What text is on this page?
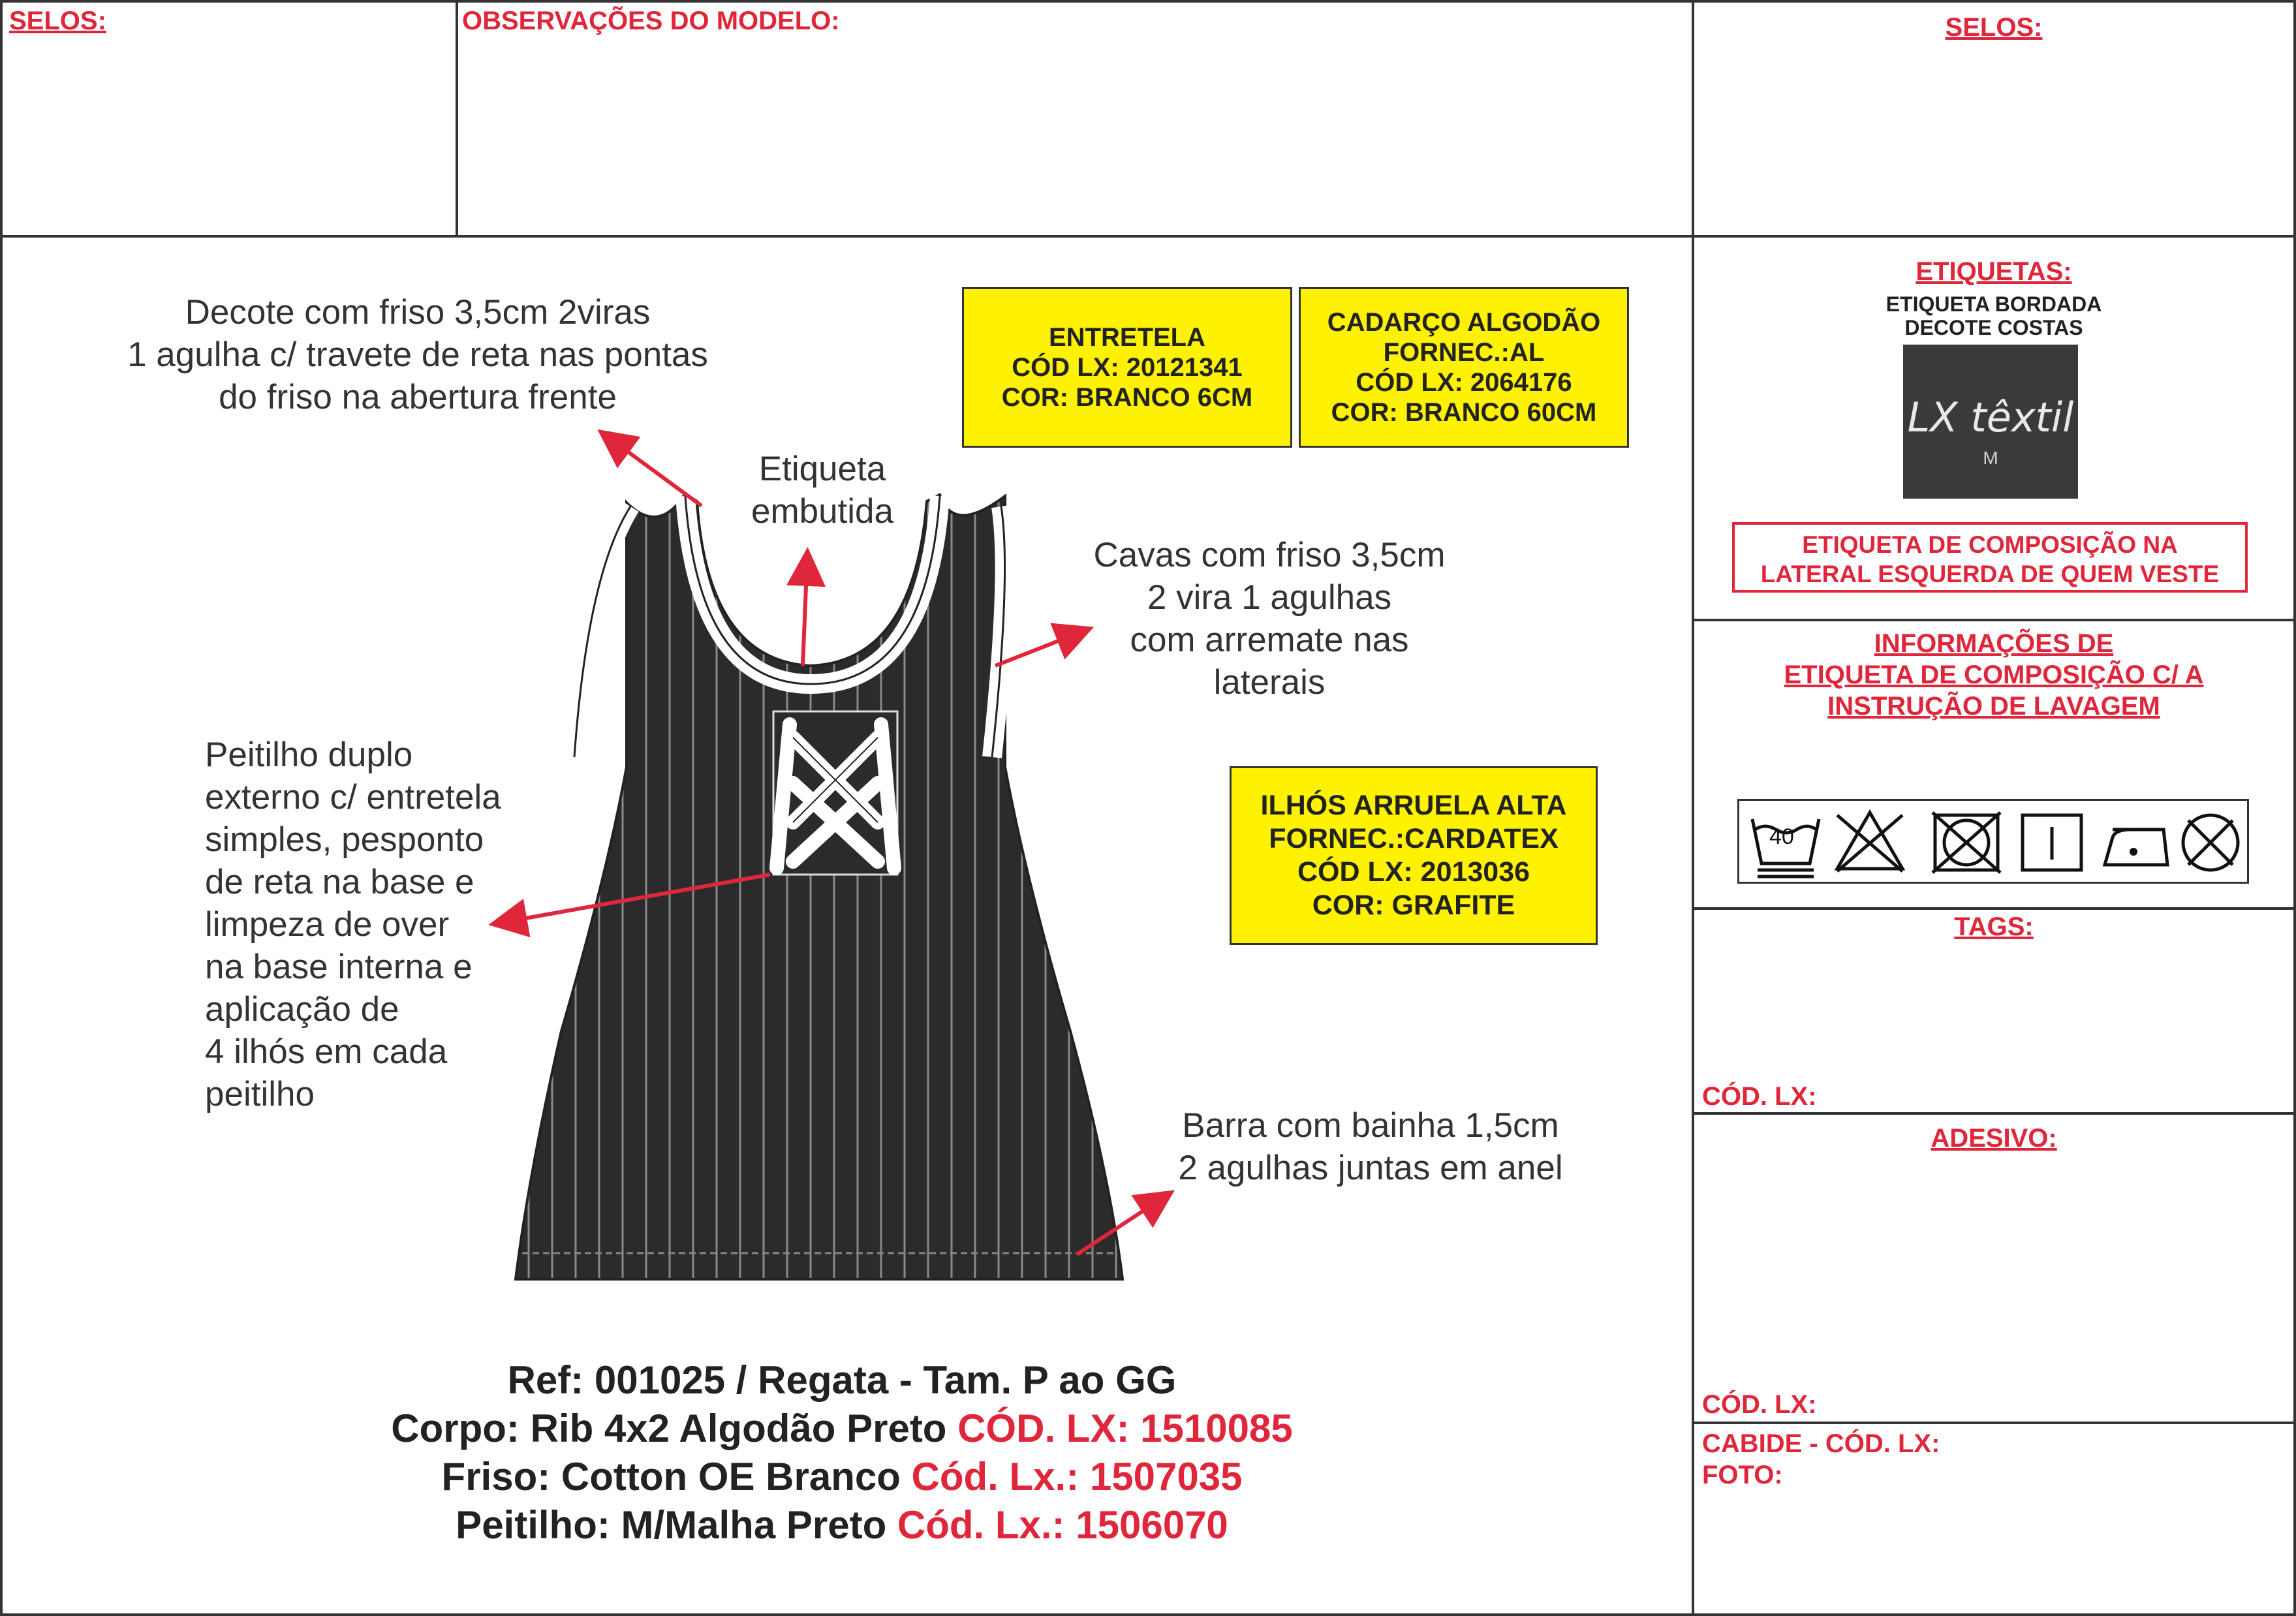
SELOS:	OBSERVAÇÕES DO MODELO:	SELOS:
Decote com friso 3,5cm 2viras
1 agulha c/ travete de reta nas pontas
do friso na abertura frente
Etiqueta
embutida
Cavas com friso 3,5cm
2 vira 1 agulhas
com arremate nas
laterais
Peitilho duplo
externo c/ entretela
simples, pesponto
de reta na base e
limpeza de over
na base interna e
aplicação de
4 ilhós em cada
peitilho
Barra com bainha 1,5cm
2 agulhas juntas em anel
ENTRETELA
CÓD LX: 20121341
COR: BRANCO 6CM
CADARÇO ALGODÃO
FORNEC.:AL
CÓD LX: 2064176
COR: BRANCO 60CM
ILHÓS ARRUELA ALTA
FORNEC.:CARDATEX
CÓD LX: 2013036
COR: GRAFITE
Ref: 001025 / Regata - Tam. P ao GG
Corpo: Rib 4x2 Algodão Preto CÓD. LX: 1510085
Friso: Cotton OE Branco Cód. Lx.: 1507035
Peitilho: M/Malha Preto Cód. Lx.: 1506070
ETIQUETAS:
ETIQUETA BORDADA
DECOTE COSTAS
LX têxtil
M
ETIQUETA DE COMPOSIÇÃO NA
LATERAL ESQUERDA DE QUEM VESTE
INFORMAÇÕES DE
ETIQUETA DE COMPOSIÇÃO C/ A
INSTRUÇÃO DE LAVAGEM
40
TAGS:
CÓD. LX:
ADESIVO:
CÓD. LX:
CABIDE - CÓD. LX:
FOTO:
